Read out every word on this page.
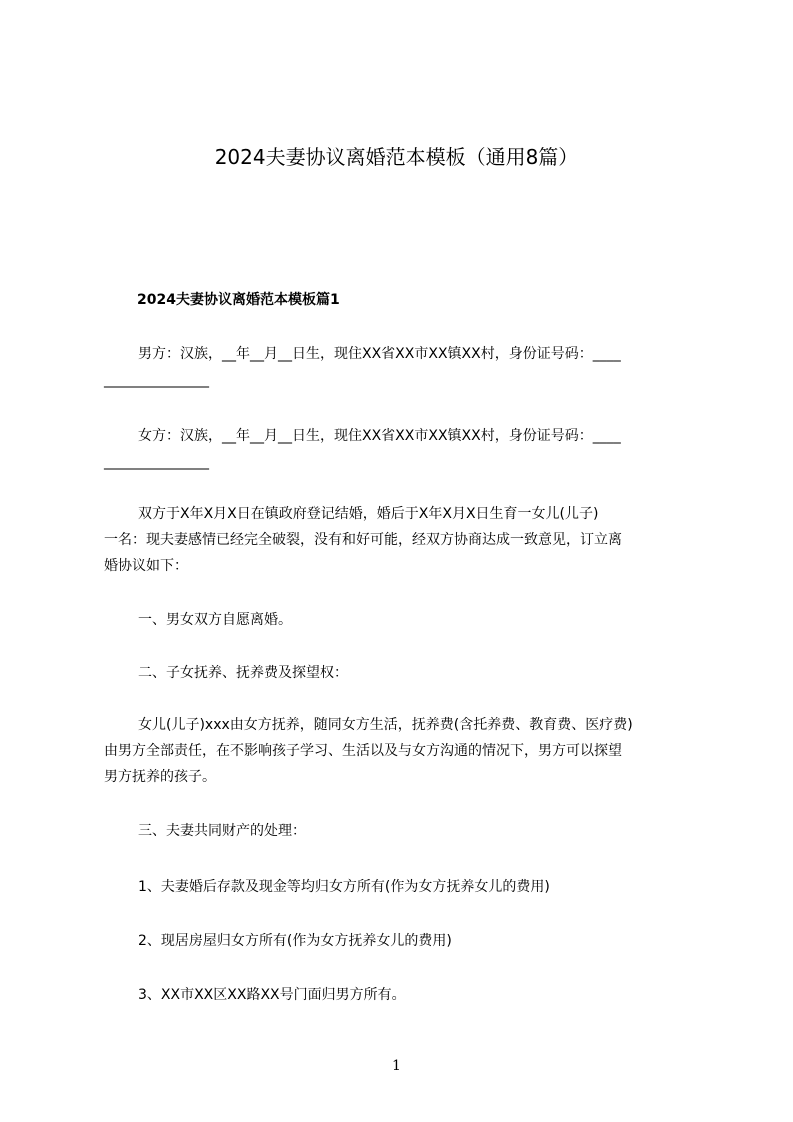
2024夫妻协议离婚范本模板（通用8篇）
2024夫妻协议离婚范本模板篇1
男方：汉族，__年__月__日生，现住XX省XX市XX镇XX村，身份证号码：____
_______________
女方：汉族，__年__月__日生，现住XX省XX市XX镇XX村，身份证号码：____
_______________
双方于X年X月X日在镇政府登记结婚，婚后于X年X月X日生育一女儿(儿子)
一名：现夫妻感情已经完全破裂，没有和好可能，经双方协商达成一致意见，订立离
婚协议如下：
一、男女双方自愿离婚。
二、子女抚养、抚养费及探望权：
女儿(儿子)xxx由女方抚养，随同女方生活，抚养费(含托养费、教育费、医疗费)
由男方全部责任，在不影响孩子学习、生活以及与女方沟通的情况下，男方可以探望
男方抚养的孩子。
三、夫妻共同财产的处理：
1、夫妻婚后存款及现金等均归女方所有(作为女方抚养女儿的费用)
2、现居房屋归女方所有(作为女方抚养女儿的费用)
3、XX市XX区XX路XX号门面归男方所有。
1
